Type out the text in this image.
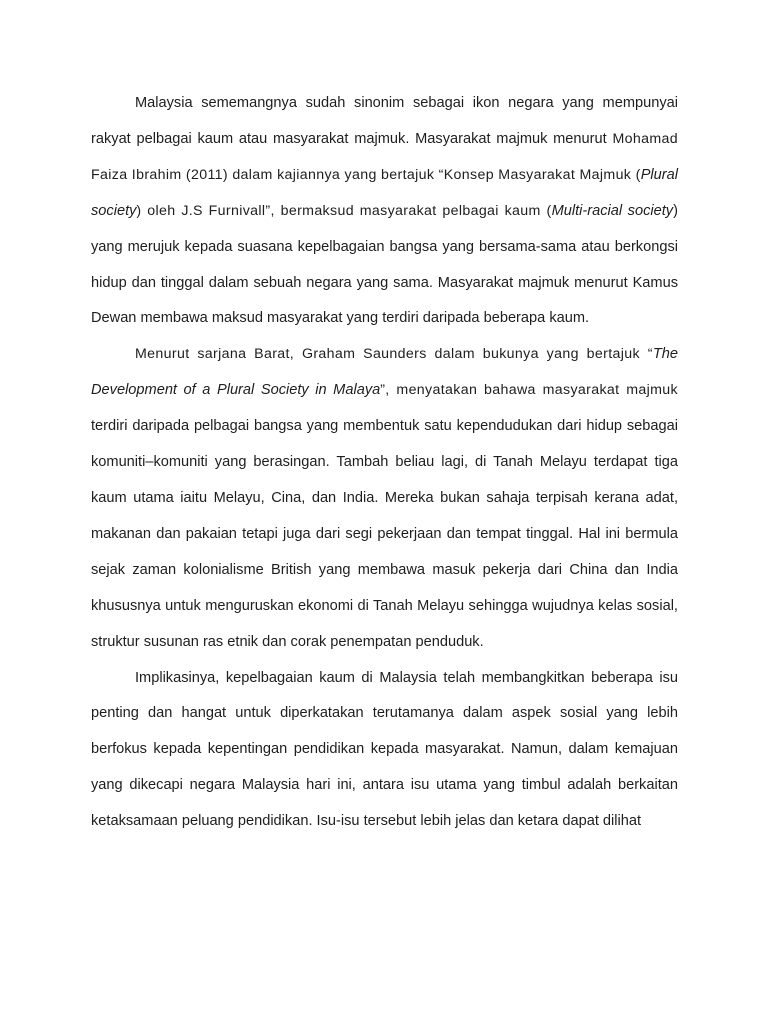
Malaysia sememangnya sudah sinonim sebagai ikon negara yang mempunyai rakyat pelbagai kaum atau masyarakat majmuk. Masyarakat majmuk menurut Mohamad Faiza Ibrahim (2011) dalam kajiannya yang bertajuk “Konsep Masyarakat Majmuk (Plural society) oleh J.S Furnivall”, bermaksud masyarakat pelbagai kaum (Multi-racial society) yang merujuk kepada suasana kepelbagaian bangsa yang bersama-sama atau berkongsi hidup dan tinggal dalam sebuah negara yang sama. Masyarakat majmuk menurut Kamus Dewan membawa maksud masyarakat yang terdiri daripada beberapa kaum.

Menurut sarjana Barat, Graham Saunders dalam bukunya yang bertajuk “The Development of a Plural Society in Malaya”, menyatakan bahawa masyarakat majmuk terdiri daripada pelbagai bangsa yang membentuk satu kependudukan dari hidup sebagai komuniti–komuniti yang berasingan. Tambah beliau lagi, di Tanah Melayu terdapat tiga kaum utama iaitu Melayu, Cina, dan India. Mereka bukan sahaja terpisah kerana adat, makanan dan pakaian tetapi juga dari segi pekerjaan dan tempat tinggal. Hal ini bermula sejak zaman kolonialisme British yang membawa masuk pekerja dari China dan India khususnya untuk menguruskan ekonomi di Tanah Melayu sehingga wujudnya kelas sosial, struktur susunan ras etnik dan corak penempatan penduduk.

Implikasinya, kepelbagaian kaum di Malaysia telah membangkitkan beberapa isu penting dan hangat untuk diperkatakan terutamanya dalam aspek sosial yang lebih berfokus kepada kepentingan pendidikan kepada masyarakat. Namun, dalam kemajuan yang dikecapi negara Malaysia hari ini, antara isu utama yang timbul adalah berkaitan ketaksamaan peluang pendidikan. Isu-isu tersebut lebih jelas dan ketara dapat dilihat
